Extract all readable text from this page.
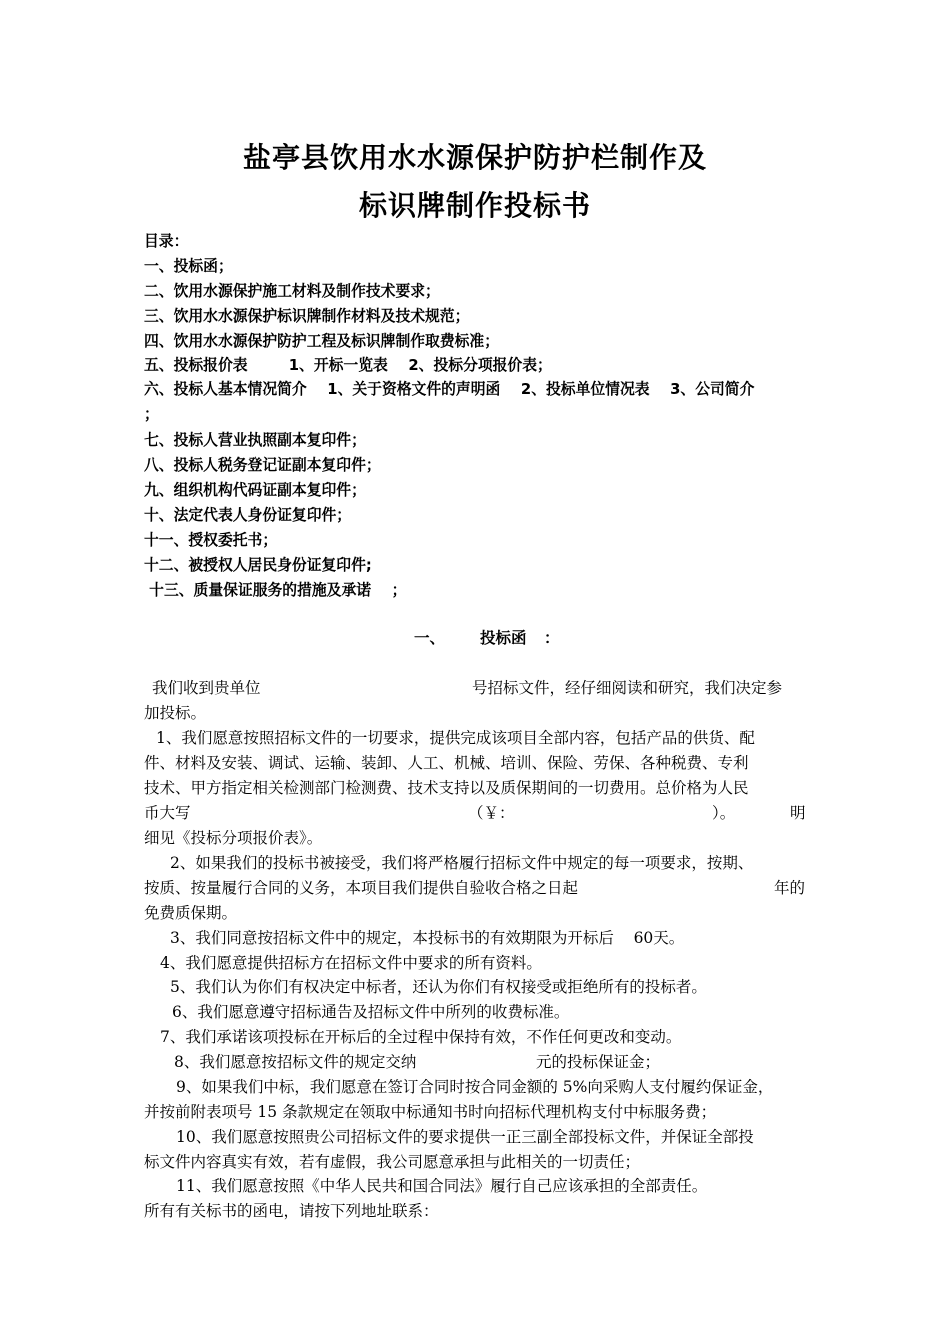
盐亭县饮用水水源保护防护栏制作及
标识牌制作投标书
目录：
一、投标函；
二、饮用水源保护施工材料及制作技术要求；
三、饮用水水源保护标识牌制作材料及技术规范；
四、饮用水水源保护防护工程及标识牌制作取费标准；
五、投标报价表        1、开标一览表    2、投标分项报价表；
六、投标人基本情况简介    1、关于资格文件的声明函    2、投标单位情况表    3、公司简介
；
七、投标人营业执照副本复印件；
八、投标人税务登记证副本复印件；
九、组织机构代码证副本复印件；
十、法定代表人身份证复印件；
十一、授权委托书；
十二、被授权人居民身份证复印件;
十三、质量保证服务的措施及承诺    ；
一、 投标函 ：
我们收到贵单位	号招标文件，经仔细阅读和研究，我们决定参
加投标。
1、我们愿意按照招标文件的一切要求，提供完成该项目全部内容，包括产品的供货、配
件、材料及安装、调试、运输、装卸、人工、机械、培训、保险、劳保、各种税费、专利
技术、甲方指定相关检测部门检测费、技术支持以及质保期间的一切费用。总价格为人民
币大写	（￥：	）。	明
细见《投标分项报价表》。
2、如果我们的投标书被接受，我们将严格履行招标文件中规定的每一项要求，按期、
按质、按量履行合同的义务，本项目我们提供自验收合格之日起	年的
免费质保期。
3、我们同意按招标文件中的规定，本投标书的有效期限为开标后    60天。
4、我们愿意提供招标方在招标文件中要求的所有资料。
5、我们认为你们有权决定中标者，还认为你们有权接受或拒绝所有的投标者。
6、我们愿意遵守招标通告及招标文件中所列的收费标准。
7、我们承诺该项投标在开标后的全过程中保持有效，不作任何更改和变动。
8、我们愿意按招标文件的规定交纳	元的投标保证金；
9、如果我们中标，我们愿意在签订合同时按合同金额的 5%向采购人支付履约保证金，
并按前附表项号 15 条款规定在领取中标通知书时向招标代理机构支付中标服务费；
10、我们愿意按照贵公司招标文件的要求提供一正三副全部投标文件，并保证全部投
标文件内容真实有效，若有虚假，我公司愿意承担与此相关的一切责任；
11、我们愿意按照《中华人民共和国合同法》履行自己应该承担的全部责任。
所有有关标书的函电，请按下列地址联系：
